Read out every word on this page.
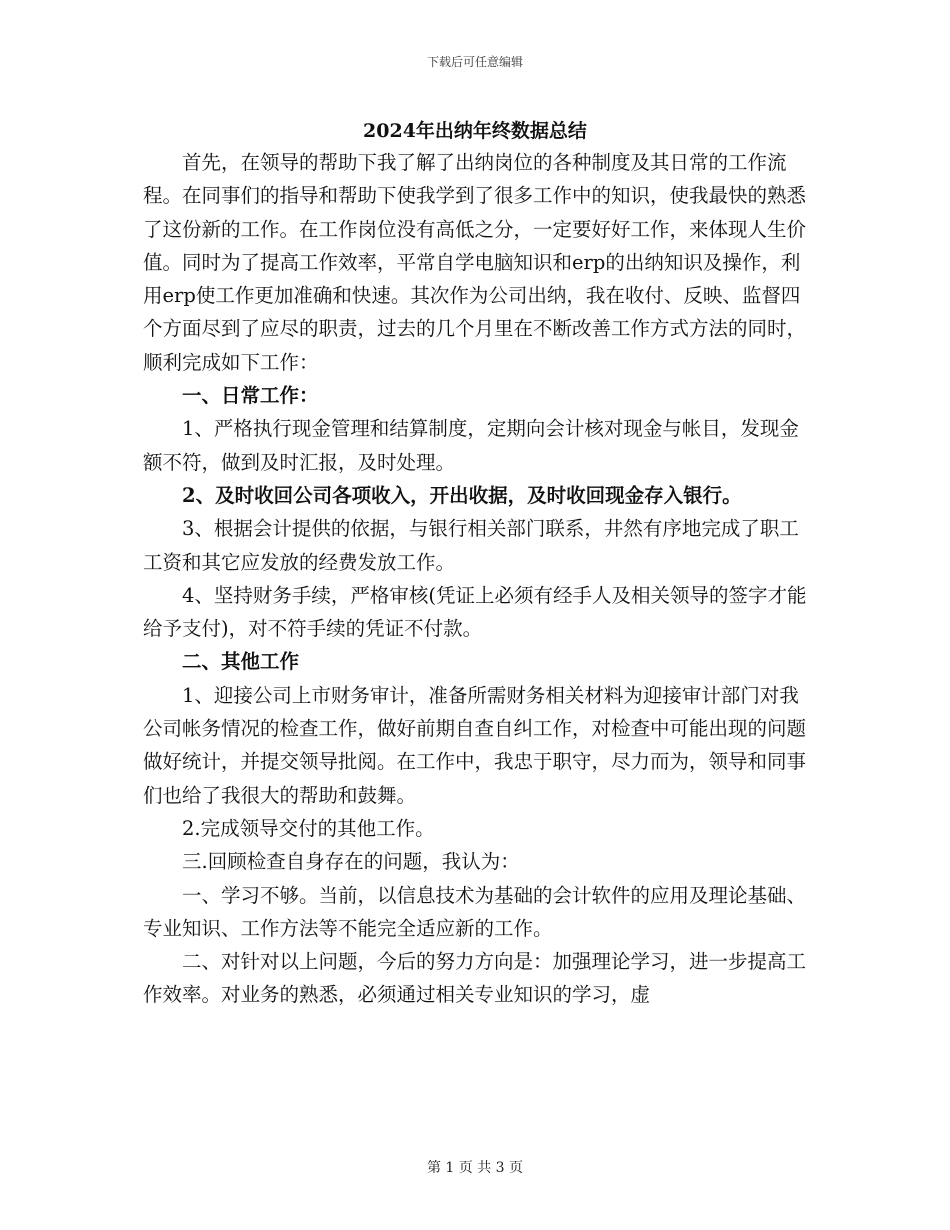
下载后可任意编辑
2024年出纳年终数据总结

首先，在领导的帮助下我了解了出纳岗位的各种制度及其日常的工作流程。在同事们的指导和帮助下使我学到了很多工作中的知识，使我最快的熟悉了这份新的工作。在工作岗位没有高低之分，一定要好好工作，来体现人生价值。同时为了提高工作效率，平常自学电脑知识和erp的出纳知识及操作，利用erp使工作更加准确和快速。其次作为公司出纳，我在收付、反映、监督四个方面尽到了应尽的职责，过去的几个月里在不断改善工作方式方法的同时，顺利完成如下工作：

一、日常工作：

1、严格执行现金管理和结算制度，定期向会计核对现金与帐目，发现金额不符，做到及时汇报，及时处理。

2、及时收回公司各项收入，开出收据，及时收回现金存入银行。

3、根据会计提供的依据，与银行相关部门联系，井然有序地完成了职工工资和其它应发放的经费发放工作。

4、坚持财务手续，严格审核(凭证上必须有经手人及相关领导的签字才能给予支付)，对不符手续的凭证不付款。

二、其他工作

1、迎接公司上市财务审计，准备所需财务相关材料为迎接审计部门对我公司帐务情况的检查工作，做好前期自查自纠工作，对检查中可能出现的问题做好统计，并提交领导批阅。在工作中，我忠于职守，尽力而为，领导和同事们也给了我很大的帮助和鼓舞。

2.完成领导交付的其他工作。

三.回顾检查自身存在的问题，我认为：

一、学习不够。当前，以信息技术为基础的会计软件的应用及理论基础、专业知识、工作方法等不能完全适应新的工作。

二、对针对以上问题，今后的努力方向是：加强理论学习，进一步提高工作效率。对业务的熟悉，必须通过相关专业知识的学习，虚

第 1 页 共 3 页
